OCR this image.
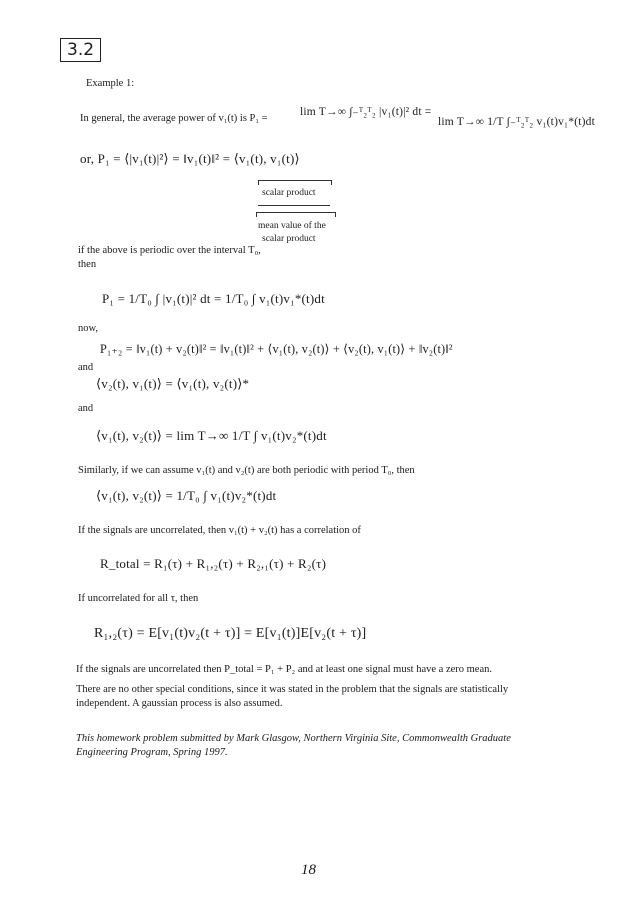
3.2
Example 1:
In general, the average power of v₁(t) is P₁ =
lim T→∞ ∫₋ᵀ₂ᵀ₂ |v₁(t)|² dt =
lim T→∞ 1/T ∫₋ᵀ₂ᵀ₂ v₁(t)v₁*(t)dt
or, P₁ = ⟨|v₁(t)|²⟩ = ‖v₁(t)‖² = ⟨v₁(t), v₁(t)⟩
scalar product
mean value of the
scalar product
if the above is periodic over the interval T₀,
then
P₁ = 1/T₀ ∫ |v₁(t)|² dt = 1/T₀ ∫ v₁(t)v₁*(t)dt
now,
P₁₊₂ = ‖v₁(t) + v₂(t)‖² = ‖v₁(t)‖² + ⟨v₁(t), v₂(t)⟩ + ⟨v₂(t), v₁(t)⟩ + ‖v₂(t)‖²
and
⟨v₂(t), v₁(t)⟩ = ⟨v₁(t), v₂(t)⟩*
and
⟨v₁(t), v₂(t)⟩ = lim T→∞ 1/T ∫ v₁(t)v₂*(t)dt
Similarly, if we can assume v₁(t) and v₂(t) are both periodic with period T₀, then
⟨v₁(t), v₂(t)⟩ = 1/T₀ ∫ v₁(t)v₂*(t)dt
If the signals are uncorrelated, then v₁(t) + v₂(t) has a correlation of
R_total = R₁(τ) + R₁,₂(τ) + R₂,₁(τ) + R₂(τ)
If uncorrelated for all τ, then
R₁,₂(τ) = E[v₁(t)v₂(t + τ)] = E[v₁(t)]E[v₂(t + τ)]
If the signals are uncorrelated then P_total = P₁ + P₂ and at least one signal must have a zero mean.
There are no other special conditions, since it was stated in the problem that the signals are statistically
independent. A gaussian process is also assumed.
This homework problem submitted by Mark Glasgow, Northern Virginia Site, Commonwealth Graduate
Engineering Program, Spring 1997.
18
